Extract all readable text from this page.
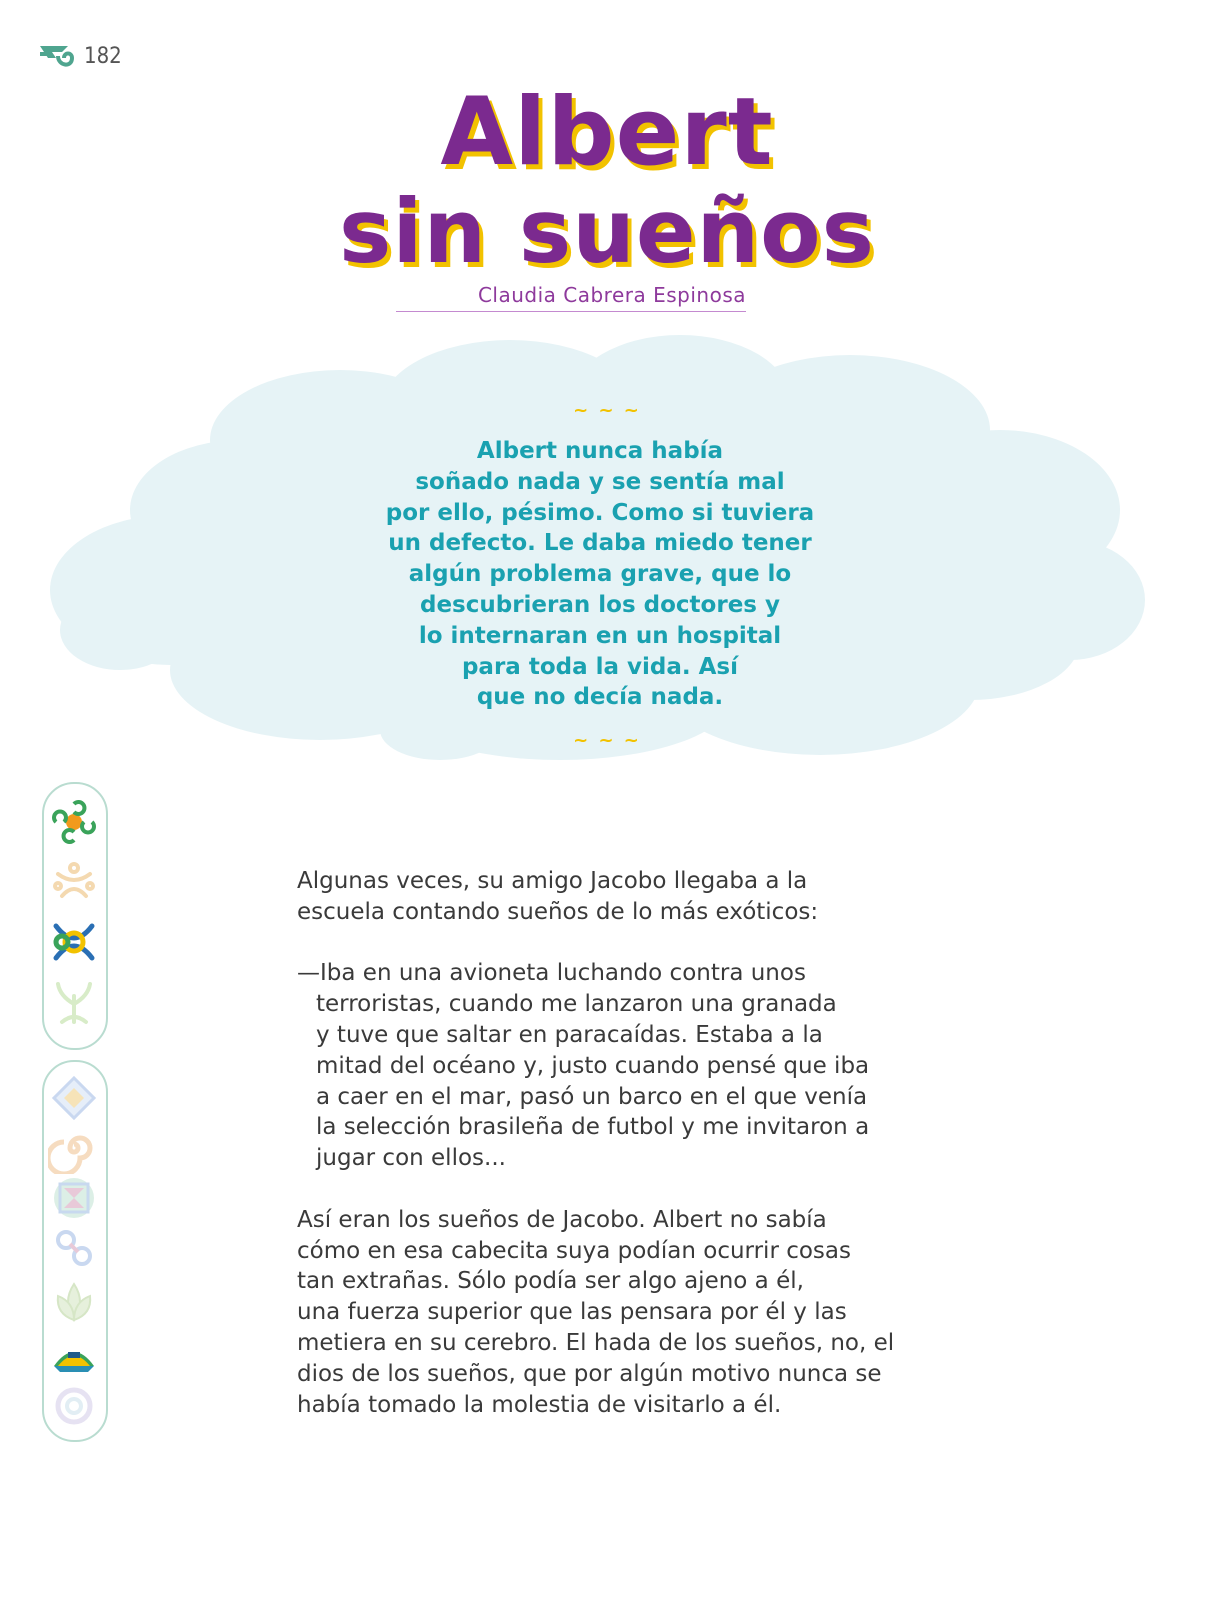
182
Albert
sin sueños
Claudia Cabrera Espinosa
~ ~ ~
Albert nunca había
soñado nada y se sentía mal
por ello, pésimo. Como si tuviera
un defecto. Le daba miedo tener
algún problema grave, que lo
descubrieran los doctores y
lo internaran en un hospital
para toda la vida. Así
que no decía nada.
~ ~ ~
Algunas veces, su amigo Jacobo llegaba a la
escuela contando sueños de lo más exóticos:
—Iba en una avioneta luchando contra unos
terroristas, cuando me lanzaron una granada
y tuve que saltar en paracaídas. Estaba a la
mitad del océano y, justo cuando pensé que iba
a caer en el mar, pasó un barco en el que venía
la selección brasileña de futbol y me invitaron a
jugar con ellos...
Así eran los sueños de Jacobo. Albert no sabía
cómo en esa cabecita suya podían ocurrir cosas
tan extrañas. Sólo podía ser algo ajeno a él,
una fuerza superior que las pensara por él y las
metiera en su cerebro. El hada de los sueños, no, el
dios de los sueños, que por algún motivo nunca se
había tomado la molestia de visitarlo a él.
